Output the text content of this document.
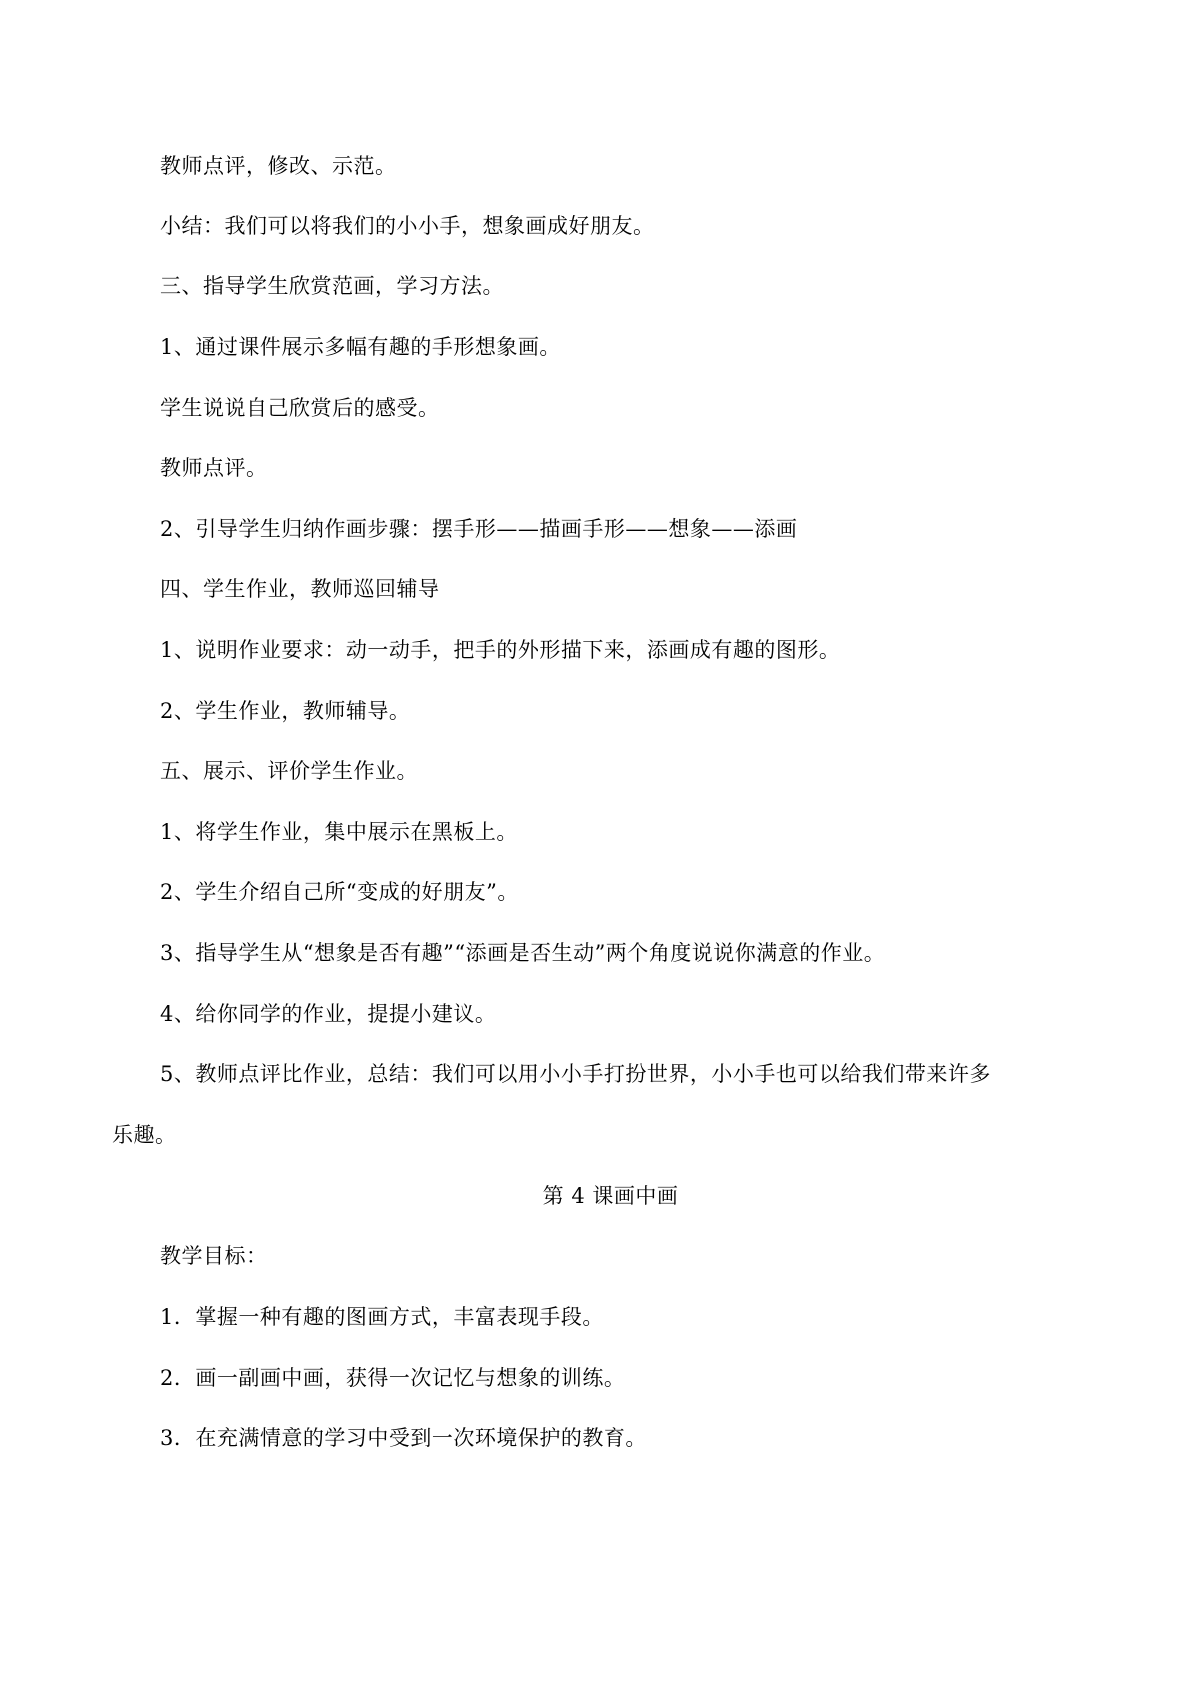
教师点评，修改、示范。
小结：我们可以将我们的小小手，想象画成好朋友。
三、指导学生欣赏范画，学习方法。
1、通过课件展示多幅有趣的手形想象画。
学生说说自己欣赏后的感受。
教师点评。
2、引导学生归纳作画步骤：摆手形——描画手形——想象——添画
四、学生作业，教师巡回辅导
1、说明作业要求：动一动手，把手的外形描下来，添画成有趣的图形。
2、学生作业，教师辅导。
五、展示、评价学生作业。
1、将学生作业，集中展示在黑板上。
2、学生介绍自己所“变成的好朋友”。
3、指导学生从“想象是否有趣”“添画是否生动”两个角度说说你满意的作业。
4、给你同学的作业，提提小建议。
5、教师点评比作业，总结：我们可以用小小手打扮世界，小小手也可以给我们带来许多
乐趣。
第 4 课画中画
教学目标：
1．掌握一种有趣的图画方式，丰富表现手段。
2．画一副画中画，获得一次记忆与想象的训练。
3．在充满情意的学习中受到一次环境保护的教育。
